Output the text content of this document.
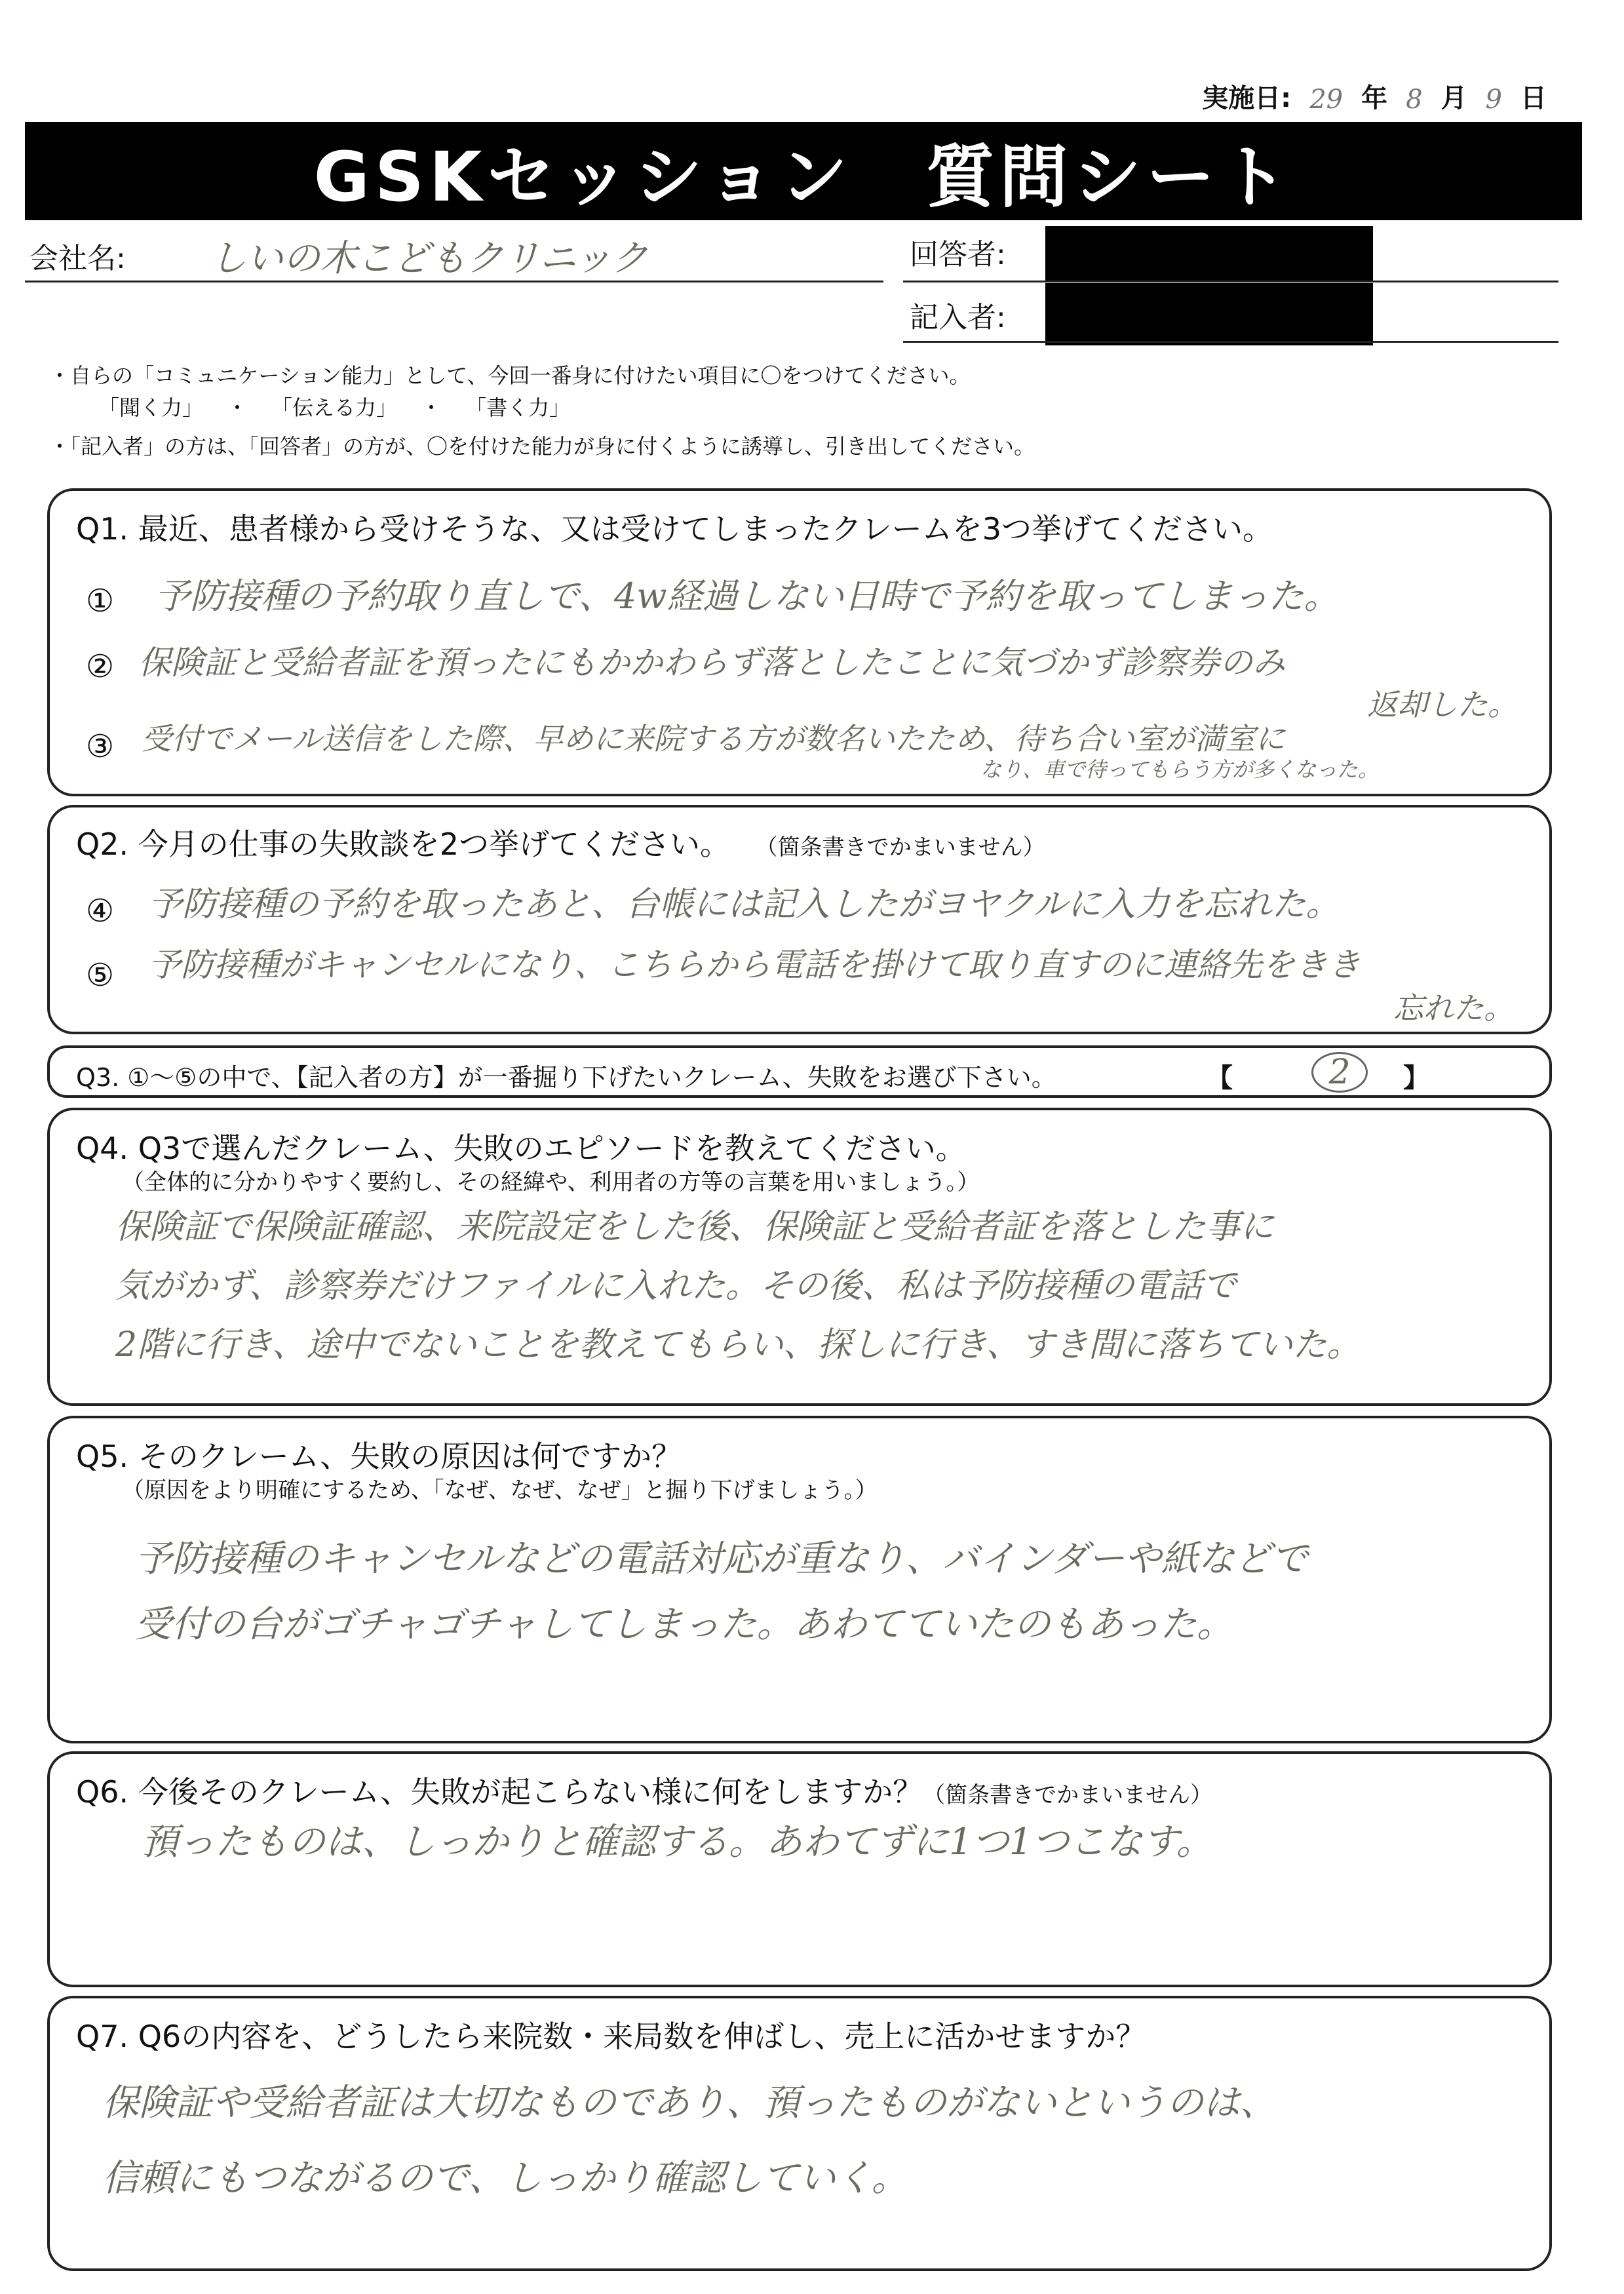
実施日: 29 年 8 月 9 日
GSKセッション　質問シート
会社名: しいの木こどもクリニック	回答者:
記入者:
・自らの「コミュニケーション能力」として、今回一番身に付けたい項目に〇をつけてください。
「聞く力」 ・ 「伝える力」 ・ 「書く力」
・「記入者」の方は、「回答者」の方が、〇を付けた能力が身に付くように誘導し、引き出してください。
Q1. 最近、患者様から受けそうな、又は受けてしまったクレームを3つ挙げてください。
① 予防接種の予約取り直しで、4w経過しない日時で予約を取ってしまった。
② 保険証と受給者証を預ったにもかかわらず落としたことに気づかず診察券のみ
返却した。
③ 受付でメール送信をした際、早めに来院する方が数名いたため、待ち合い室が満室に
なり、車で待ってもらう方が多くなった。
Q2. 今月の仕事の失敗談を2つ挙げてください。 （箇条書きでかまいません）
④ 予防接種の予約を取ったあと、台帳には記入したがヨヤクルに入力を忘れた。
⑤ 予防接種がキャンセルになり、こちらから電話を掛けて取り直すのに連絡先をきき
忘れた。
Q3. ①～⑤の中で、【記入者の方】が一番掘り下げたいクレーム、失敗をお選び下さい。	【	2	】
Q4. Q3で選んだクレーム、失敗のエピソードを教えてください。
（全体的に分かりやすく要約し、その経緯や、利用者の方等の言葉を用いましょう。）
保険証で保険証確認、来院設定をした後、保険証と受給者証を落とした事に
気がかず、診察券だけファイルに入れた。その後、私は予防接種の電話で
2階に行き、途中でないことを教えてもらい、探しに行き、すき間に落ちていた。
Q5. そのクレーム、失敗の原因は何ですか？
（原因をより明確にするため、「なぜ、なぜ、なぜ」と掘り下げましょう。）
予防接種のキャンセルなどの電話対応が重なり、バインダーや紙などで
受付の台がゴチャゴチャしてしまった。あわてていたのもあった。
Q6. 今後そのクレーム、失敗が起こらない様に何をしますか？（箇条書きでかまいません）
預ったものは、しっかりと確認する。あわてずに1つ1つこなす。
Q7. Q6の内容を、どうしたら来院数・来局数を伸ばし、売上に活かせますか？
保険証や受給者証は大切なものであり、預ったものがないというのは、
信頼にもつながるので、しっかり確認していく。
